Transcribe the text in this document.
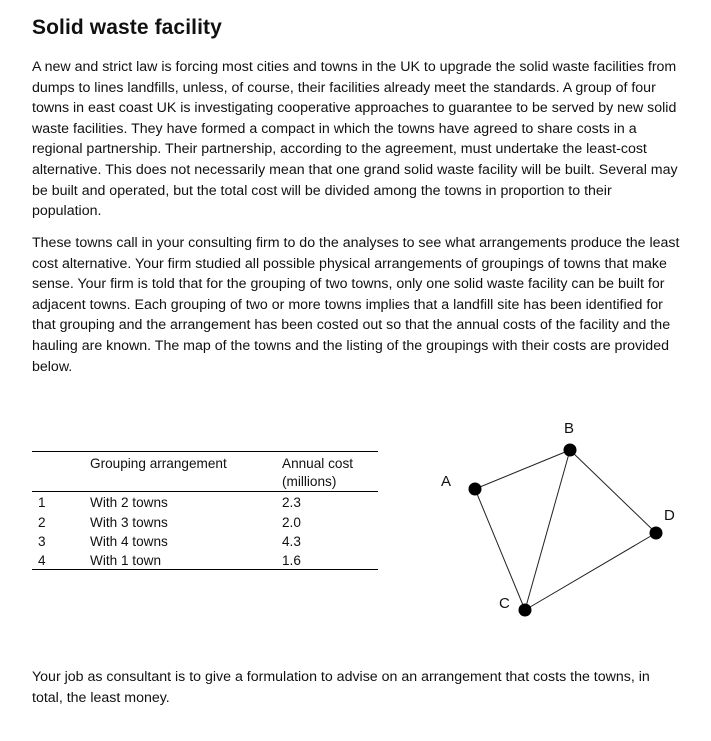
Solid waste facility

A new and strict law is forcing most cities and towns in the UK to upgrade the solid waste facilities from dumps to lines landfills, unless, of course, their facilities already meet the standards. A group of four towns in east coast UK is investigating cooperative approaches to guarantee to be served by new solid waste facilities. They have formed a compact in which the towns have agreed to share costs in a regional partnership. Their partnership, according to the agreement, must undertake the least-cost alternative. This does not necessarily mean that one grand solid waste facility will be built. Several may be built and operated, but the total cost will be divided among the towns in proportion to their population.

These towns call in your consulting firm to do the analyses to see what arrangements produce the least cost alternative. Your firm studied all possible physical arrangements of groupings of towns that make sense. Your firm is told that for the grouping of two towns, only one solid waste facility can be built for adjacent towns. Each grouping of two or more towns implies that a landfill site has been identified for that grouping and the arrangement has been costed out so that the annual costs of the facility and the hauling are known. The map of the towns and the listing of the groupings with their costs are provided below.

Grouping arrangement	Annual cost
(millions)
1	With 2 towns	2.3
2	With 3 towns	2.0
3	With 4 towns	4.3
4	With 1 town	1.6
A
B
C
D

Your job as consultant is to give a formulation to advise on an arrangement that costs the towns, in total, the least money.
